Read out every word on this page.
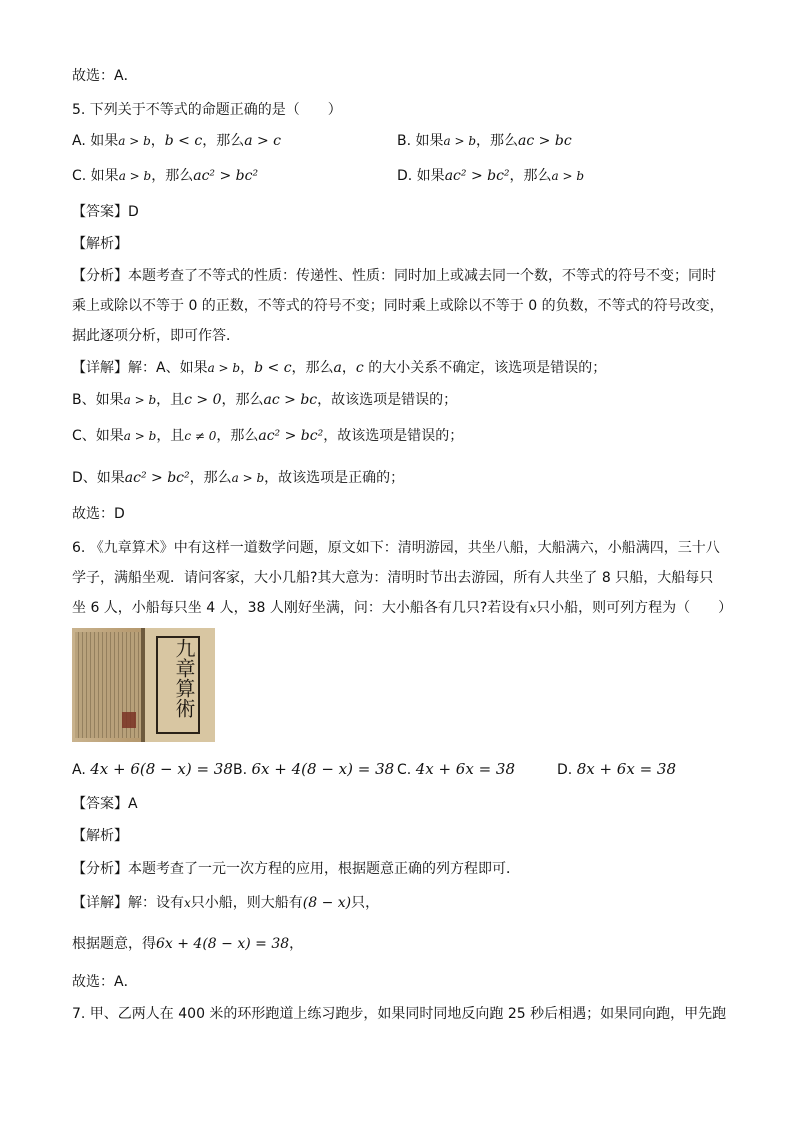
故选：A．
5. 下列关于不等式的命题正确的是（　　）
A. 如果a > b，b < c，那么a > c	B. 如果a > b，那么ac > bc
C. 如果a > b，那么ac² > bc²	D. 如果ac² > bc²，那么a > b
【答案】D
【解析】
【分析】本题考查了不等式的性质：传递性、性质：同时加上或减去同一个数，不等式的符号不变；同时
乘上或除以不等于 0 的正数，不等式的符号不变；同时乘上或除以不等于 0 的负数，不等式的符号改变，
据此逐项分析，即可作答．
【详解】解：A、如果a > b，b < c，那么a，c 的大小关系不确定，该选项是错误的；
B、如果a > b，且c > 0，那么ac > bc，故该选项是错误的；
C、如果a > b，且c ≠ 0，那么ac² > bc²，故该选项是错误的；
D、如果ac² > bc²，那么a > b，故该选项是正确的；
故选：D
6. 《九章算术》中有这样一道数学问题，原文如下：清明游园，共坐八船，大船满六，小船满四，三十八
学子，满船坐观．请问客家，大小几船?其大意为：清明时节出去游园，所有人共坐了 8 只船，大船每只
坐 6 人，小船每只坐 4 人，38 人刚好坐满，问：大小船各有几只?若设有x只小船，则可列方程为（　　）
九章算術
A. 4x + 6(8 − x) = 38 B. 6x + 4(8 − x) = 38 C. 4x + 6x = 38	D. 8x + 6x = 38
【答案】A
【解析】
【分析】本题考查了一元一次方程的应用，根据题意正确的列方程即可．
【详解】解：设有x只小船，则大船有(8 − x)只，
根据题意，得6x + 4(8 − x) = 38，
故选：A．
7. 甲、乙两人在 400 米的环形跑道上练习跑步，如果同时同地反向跑 25 秒后相遇；如果同向跑，甲先跑
